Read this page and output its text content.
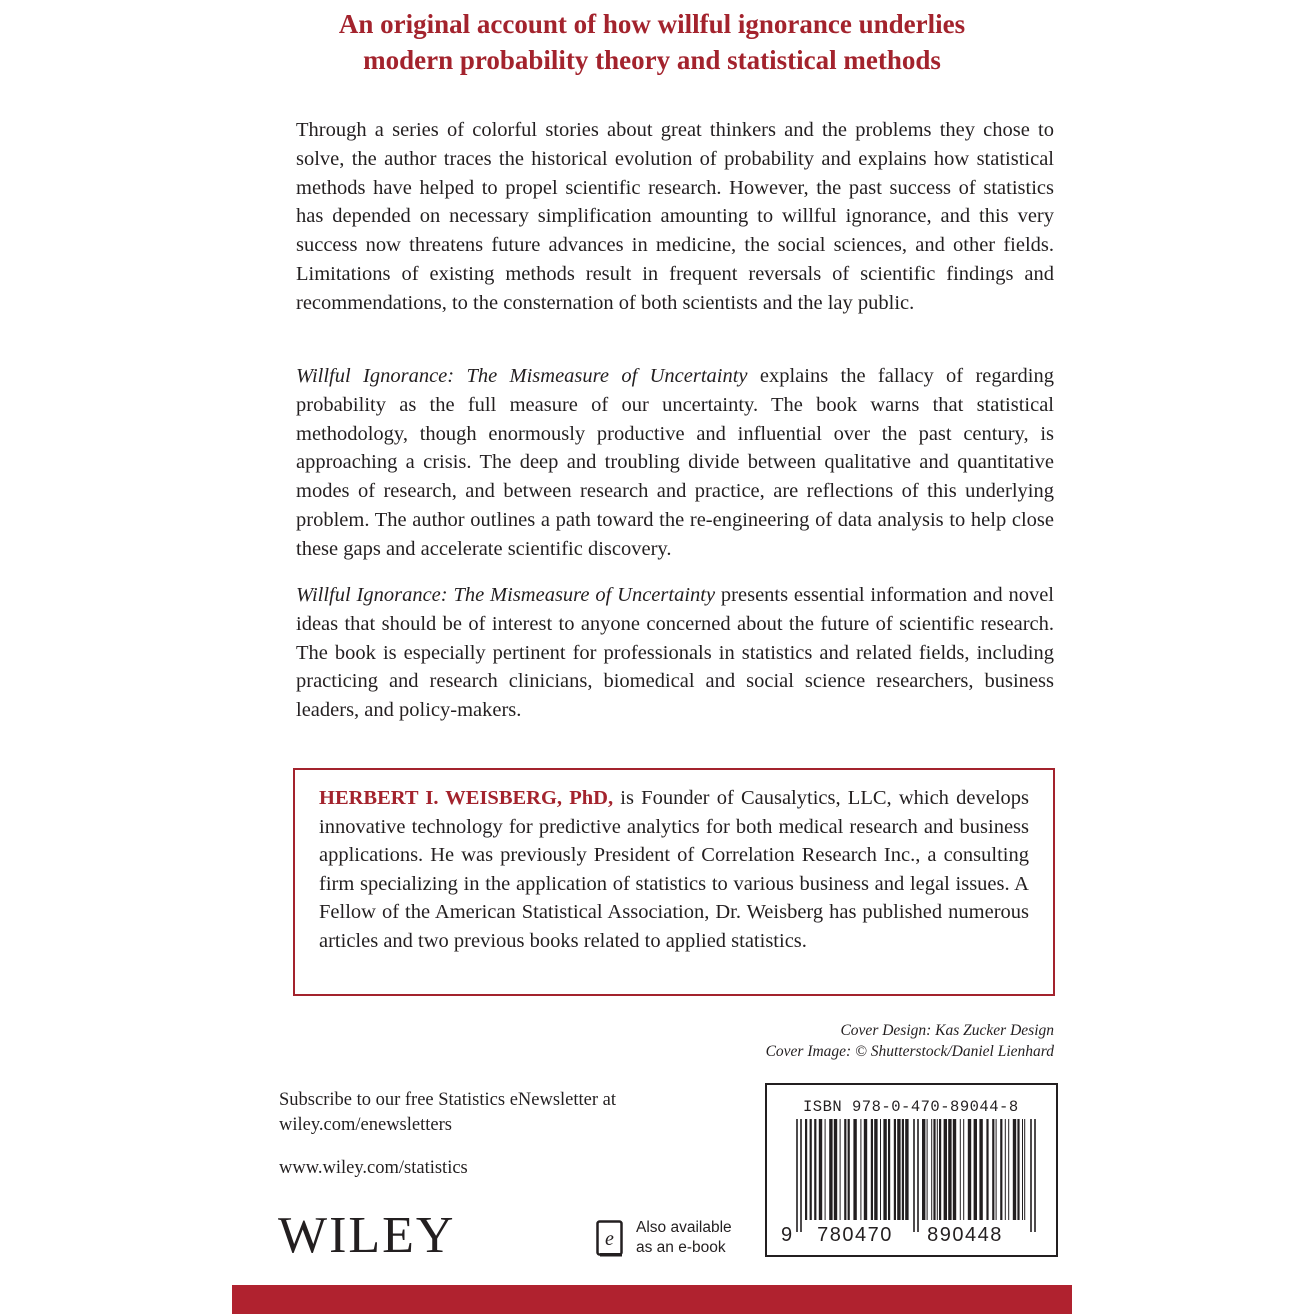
An original account of how willful ignorance underlies
modern probability theory and statistical methods

Through a series of colorful stories about great thinkers and the problems they chose to solve, the author traces the historical evolution of probability and explains how statistical methods have helped to propel scientific research. However, the past success of statistics has depended on necessary simplification amounting to willful ignorance, and this very success now threatens future advances in medicine, the social sciences, and other fields. Limitations of existing methods result in frequent reversals of scientific findings and recommendations, to the consternation of both scientists and the lay public.

Willful Ignorance: The Mismeasure of Uncertainty explains the fallacy of regarding probability as the full measure of our uncertainty. The book warns that statistical methodology, though enormously productive and influential over the past century, is approaching a crisis. The deep and troubling divide between qualitative and quantitative modes of research, and between research and practice, are reflections of this underlying problem. The author outlines a path toward the re-engineering of data analysis to help close these gaps and accelerate scientific discovery.

Willful Ignorance: The Mismeasure of Uncertainty presents essential information and novel ideas that should be of interest to anyone concerned about the future of scientific research. The book is especially pertinent for professionals in statistics and related fields, including practicing and research clinicians, biomedical and social science researchers, business leaders, and policy-makers.

HERBERT I. WEISBERG, PhD, is Founder of Causalytics, LLC, which develops innovative technology for predictive analytics for both medical research and business applications. He was previously President of Correlation Research Inc., a consulting firm specializing in the application of statistics to various business and legal issues. A Fellow of the American Statistical Association, Dr. Weisberg has published numerous articles and two previous books related to applied statistics.

Cover Design: Kas Zucker Design
Cover Image: © Shutterstock/Daniel Lienhard
Subscribe to our free Statistics eNewsletter at
wiley.com/enewsletters
www.wiley.com/statistics
WILEY	e
Also available
as an e-book
ISBN 978-0-470-89044-8
9 780470 890448
